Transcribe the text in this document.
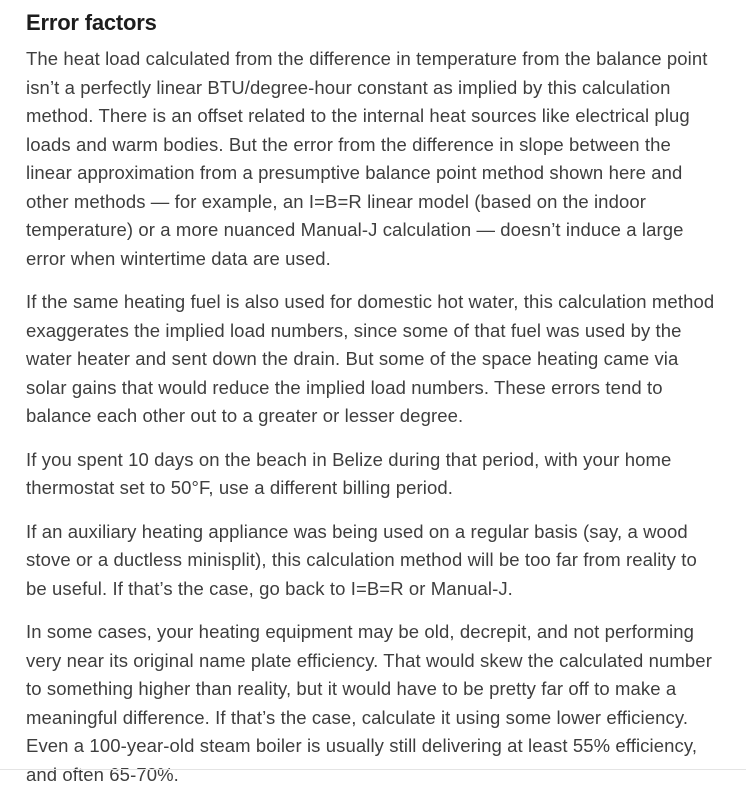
Error factors

The heat load calculated from the difference in temperature from the balance point isn’t a perfectly linear BTU/degree-hour constant as implied by this calculation method. There is an offset related to the internal heat sources like electrical plug loads and warm bodies. But the error from the difference in slope between the linear approximation from a presumptive balance point method shown here and other methods — for example, an I=B=R linear model (based on the indoor temperature) or a more nuanced Manual-J calculation — doesn’t induce a large error when wintertime data are used.

If the same heating fuel is also used for domestic hot water, this calculation method exaggerates the implied load numbers, since some of that fuel was used by the water heater and sent down the drain. But some of the space heating came via solar gains that would reduce the implied load numbers. These errors tend to balance each other out to a greater or lesser degree.

If you spent 10 days on the beach in Belize during that period, with your home thermostat set to 50°F, use a different billing period.

If an auxiliary heating appliance was being used on a regular basis (say, a wood stove or a ductless minisplit), this calculation method will be too far from reality to be useful. If that’s the case, go back to I=B=R or Manual-J.

In some cases, your heating equipment may be old, decrepit, and not performing very near its original name plate efficiency. That would skew the calculated number to something higher than reality, but it would have to be pretty far off to make a meaningful difference. If that’s the case, calculate it using some lower efficiency. Even a 100-year-old steam boiler is usually still delivering at least 55% efficiency, and often 65-70%.
